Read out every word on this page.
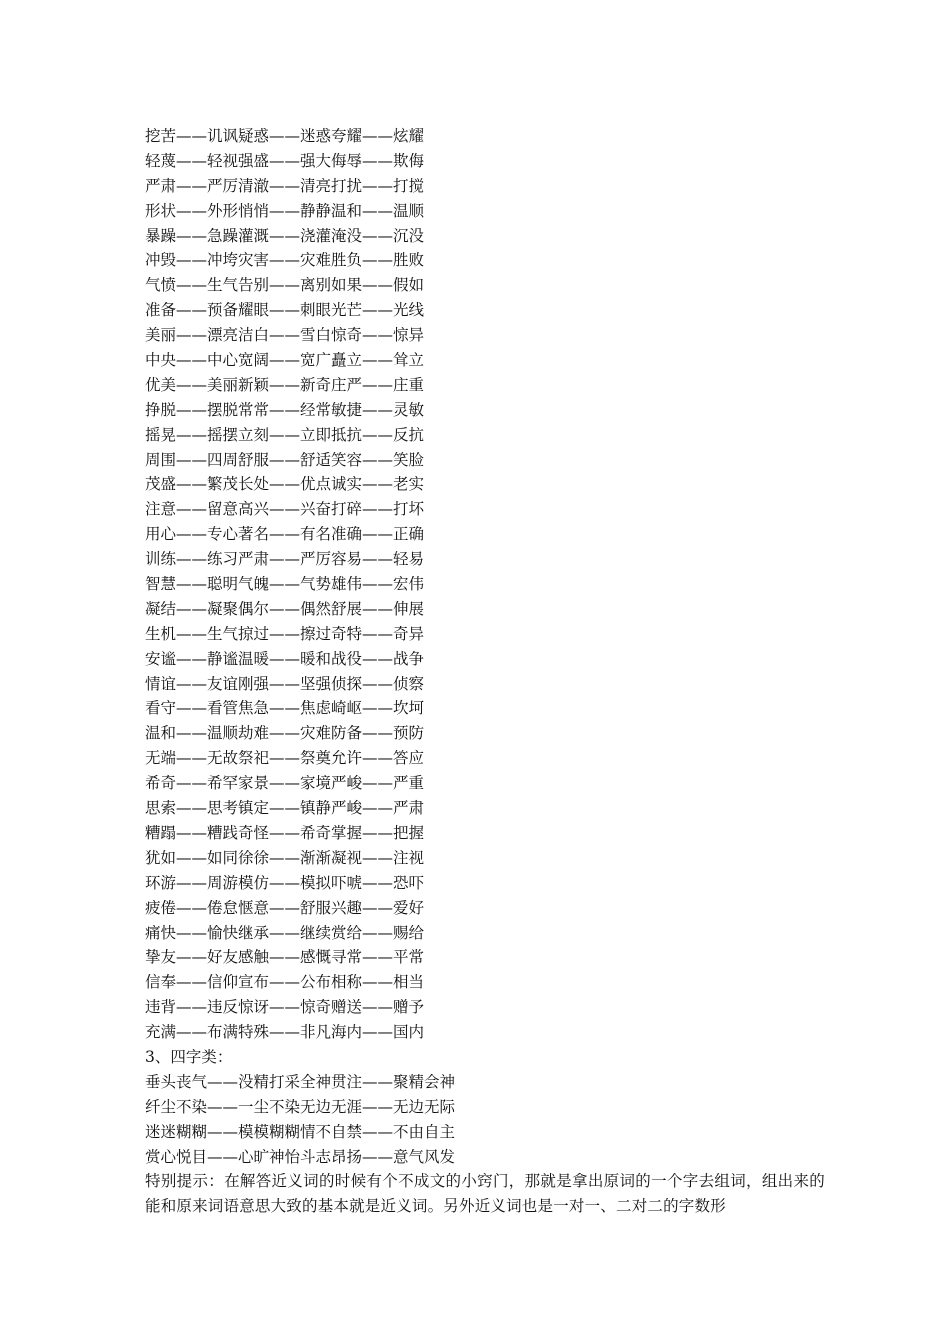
挖苦——讥讽疑惑——迷惑夸耀——炫耀
轻蔑——轻视强盛——强大侮辱——欺侮
严肃——严厉清澈——清亮打扰——打搅
形状——外形悄悄——静静温和——温顺
暴躁——急躁灌溉——浇灌淹没——沉没
冲毁——冲垮灾害——灾难胜负——胜败
气愤——生气告别——离别如果——假如
准备——预备耀眼——刺眼光芒——光线
美丽——漂亮洁白——雪白惊奇——惊异
中央——中心宽阔——宽广矗立——耸立
优美——美丽新颖——新奇庄严——庄重
挣脱——摆脱常常——经常敏捷——灵敏
摇晃——摇摆立刻——立即抵抗——反抗
周围——四周舒服——舒适笑容——笑脸
茂盛——繁茂长处——优点诚实——老实
注意——留意高兴——兴奋打碎——打坏
用心——专心著名——有名准确——正确
训练——练习严肃——严厉容易——轻易
智慧——聪明气魄——气势雄伟——宏伟
凝结——凝聚偶尔——偶然舒展——伸展
生机——生气掠过——擦过奇特——奇异
安谧——静谧温暖——暖和战役——战争
情谊——友谊刚强——坚强侦探——侦察
看守——看管焦急——焦虑崎岖——坎坷
温和——温顺劫难——灾难防备——预防
无端——无故祭祀——祭奠允许——答应
希奇——希罕家景——家境严峻——严重
思索——思考镇定——镇静严峻——严肃
糟蹋——糟践奇怪——希奇掌握——把握
犹如——如同徐徐——渐渐凝视——注视
环游——周游模仿——模拟吓唬——恐吓
疲倦——倦怠惬意——舒服兴趣——爱好
痛快——愉快继承——继续赏给——赐给
挚友——好友感触——感慨寻常——平常
信奉——信仰宣布——公布相称——相当
违背——违反惊讶——惊奇赠送——赠予
充满——布满特殊——非凡海内——国内
3、四字类：
垂头丧气——没精打采全神贯注——聚精会神
纤尘不染——一尘不染无边无涯——无边无际
迷迷糊糊——模模糊糊情不自禁——不由自主
赏心悦目——心旷神怡斗志昂扬——意气风发
特别提示：在解答近义词的时候有个不成文的小窍门，那就是拿出原词的一个字去组词，组出来的能和原来词语意思大致的基本就是近义词。另外近义词也是一对一、二对二的字数形
